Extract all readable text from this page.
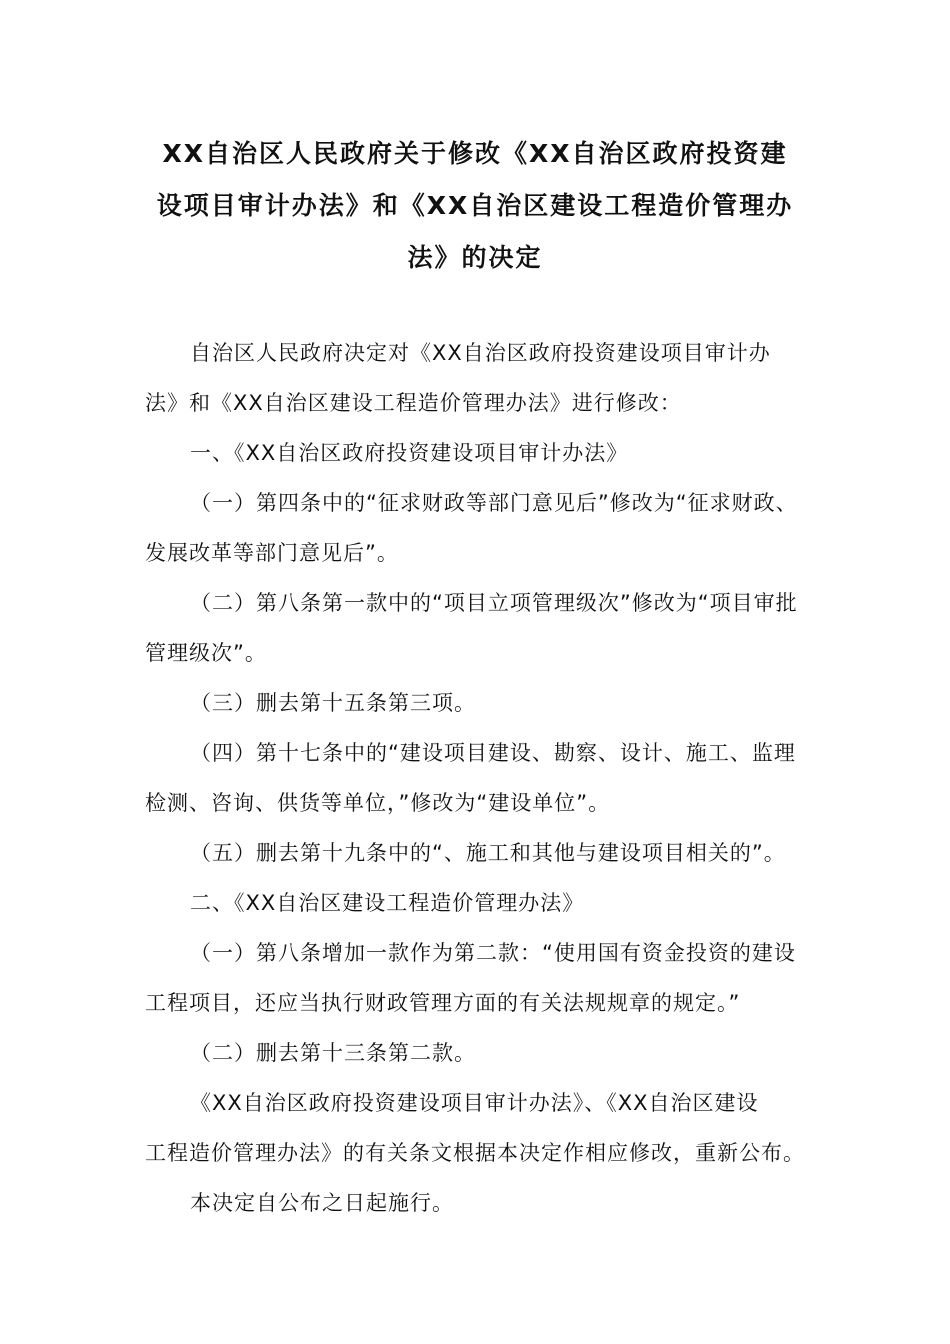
XX自治区人民政府关于修改《XX自治区政府投资建
设项目审计办法》和《XX自治区建设工程造价管理办
法》的决定
自治区人民政府决定对《XX自治区政府投资建设项目审计办
法》和《XX自治区建设工程造价管理办法》进行修改：
一、《XX自治区政府投资建设项目审计办法》
（一）第四条中的“征求财政等部门意见后”修改为“征求财政、
发展改革等部门意见后”。
（二）第八条第一款中的“项目立项管理级次”修改为“项目审批
管理级次”。
（三）删去第十五条第三项。
（四）第十七条中的“建设项目建设、勘察、设计、施工、监理
检测、咨询、供货等单位，”修改为“建设单位”。
（五）删去第十九条中的“、施工和其他与建设项目相关的”。
二、《XX自治区建设工程造价管理办法》
（一）第八条增加一款作为第二款：“使用国有资金投资的建设
工程项目，还应当执行财政管理方面的有关法规规章的规定。”
（二）删去第十三条第二款。
《XX自治区政府投资建设项目审计办法》、《XX自治区建设
工程造价管理办法》的有关条文根据本决定作相应修改，重新公布。
本决定自公布之日起施行。
